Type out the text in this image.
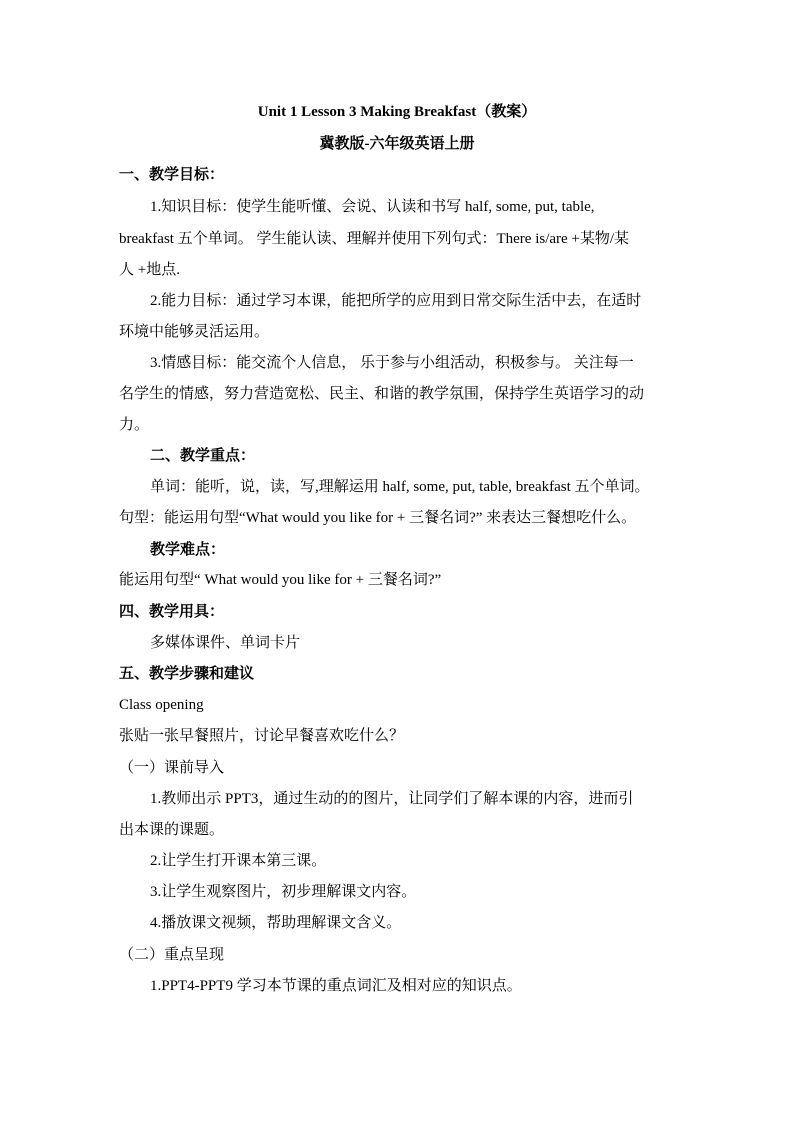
Unit 1 Lesson 3 Making Breakfast（教案）
冀教版-六年级英语上册
一、教学目标：
1.知识目标：使学生能听懂、会说、认读和书写 half, some, put, table,
breakfast 五个单词。 学生能认读、理解并使用下列句式：There is/are +某物/某
人 +地点.
2.能力目标：通过学习本课，能把所学的应用到日常交际生活中去，在适时
环境中能够灵活运用。
3.情感目标：能交流个人信息， 乐于参与小组活动，积极参与。 关注每一
名学生的情感，努力营造宽松、民主、和谐的教学氛围，保持学生英语学习的动
力。
二、教学重点：
单词：能听，说，读，写,理解运用 half, some, put, table, breakfast 五个单词。
句型：能运用句型“What would you like for + 三餐名词?” 来表达三餐想吃什么。
教学难点：
能运用句型“ What would you like for + 三餐名词?”
四、教学用具：
多媒体课件、单词卡片
五、教学步骤和建议
Class opening
张贴一张早餐照片，讨论早餐喜欢吃什么？
（一）课前导入
1.教师出示 PPT3，通过生动的的图片，让同学们了解本课的内容，进而引
出本课的课题。
2.让学生打开课本第三课。
3.让学生观察图片，初步理解课文内容。
4.播放课文视频，帮助理解课文含义。
（二）重点呈现
1.PPT4-PPT9 学习本节课的重点词汇及相对应的知识点。
